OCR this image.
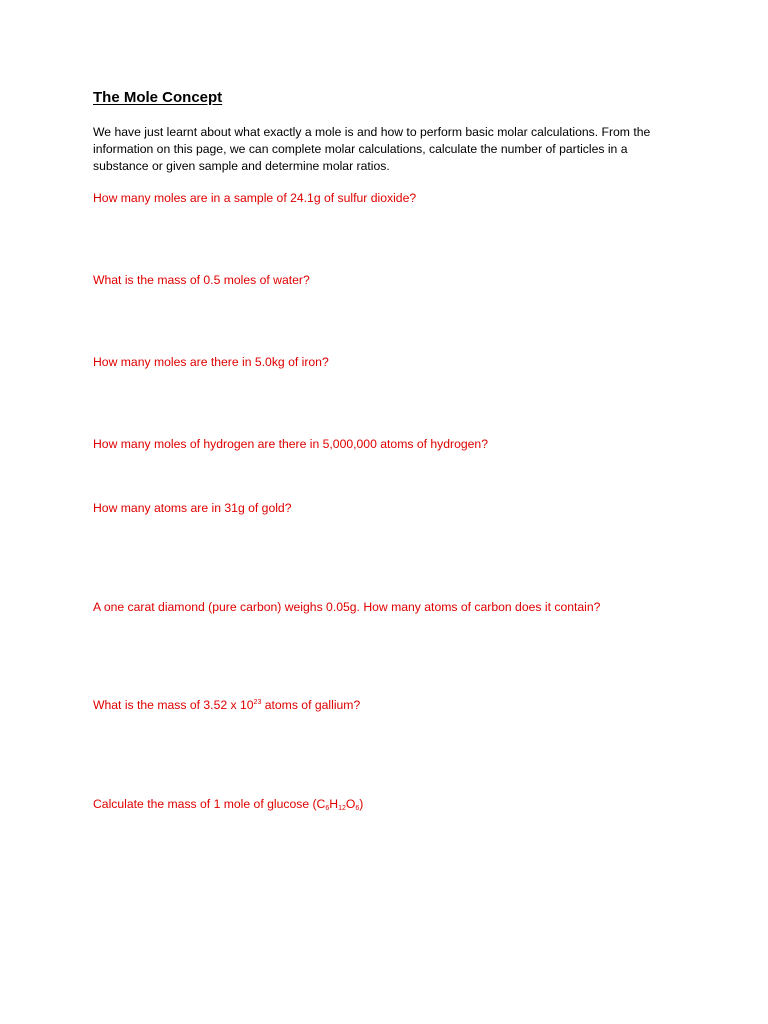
The Mole Concept

We have just learnt about what exactly a mole is and how to perform basic molar calculations. From the information on this page, we can complete molar calculations, calculate the number of particles in a substance or given sample and determine molar ratios.

How many moles are in a sample of 24.1g of sulfur dioxide?

What is the mass of 0.5 moles of water?

How many moles are there in 5.0kg of iron?

How many moles of hydrogen are there in 5,000,000 atoms of hydrogen?

How many atoms are in 31g of gold?

A one carat diamond (pure carbon) weighs 0.05g. How many atoms of carbon does it contain?

What is the mass of 3.52 x $10^{23}$ atoms of gallium?

Calculate the mass of 1 mole of glucose $(C_6H_{12}O_6)$
